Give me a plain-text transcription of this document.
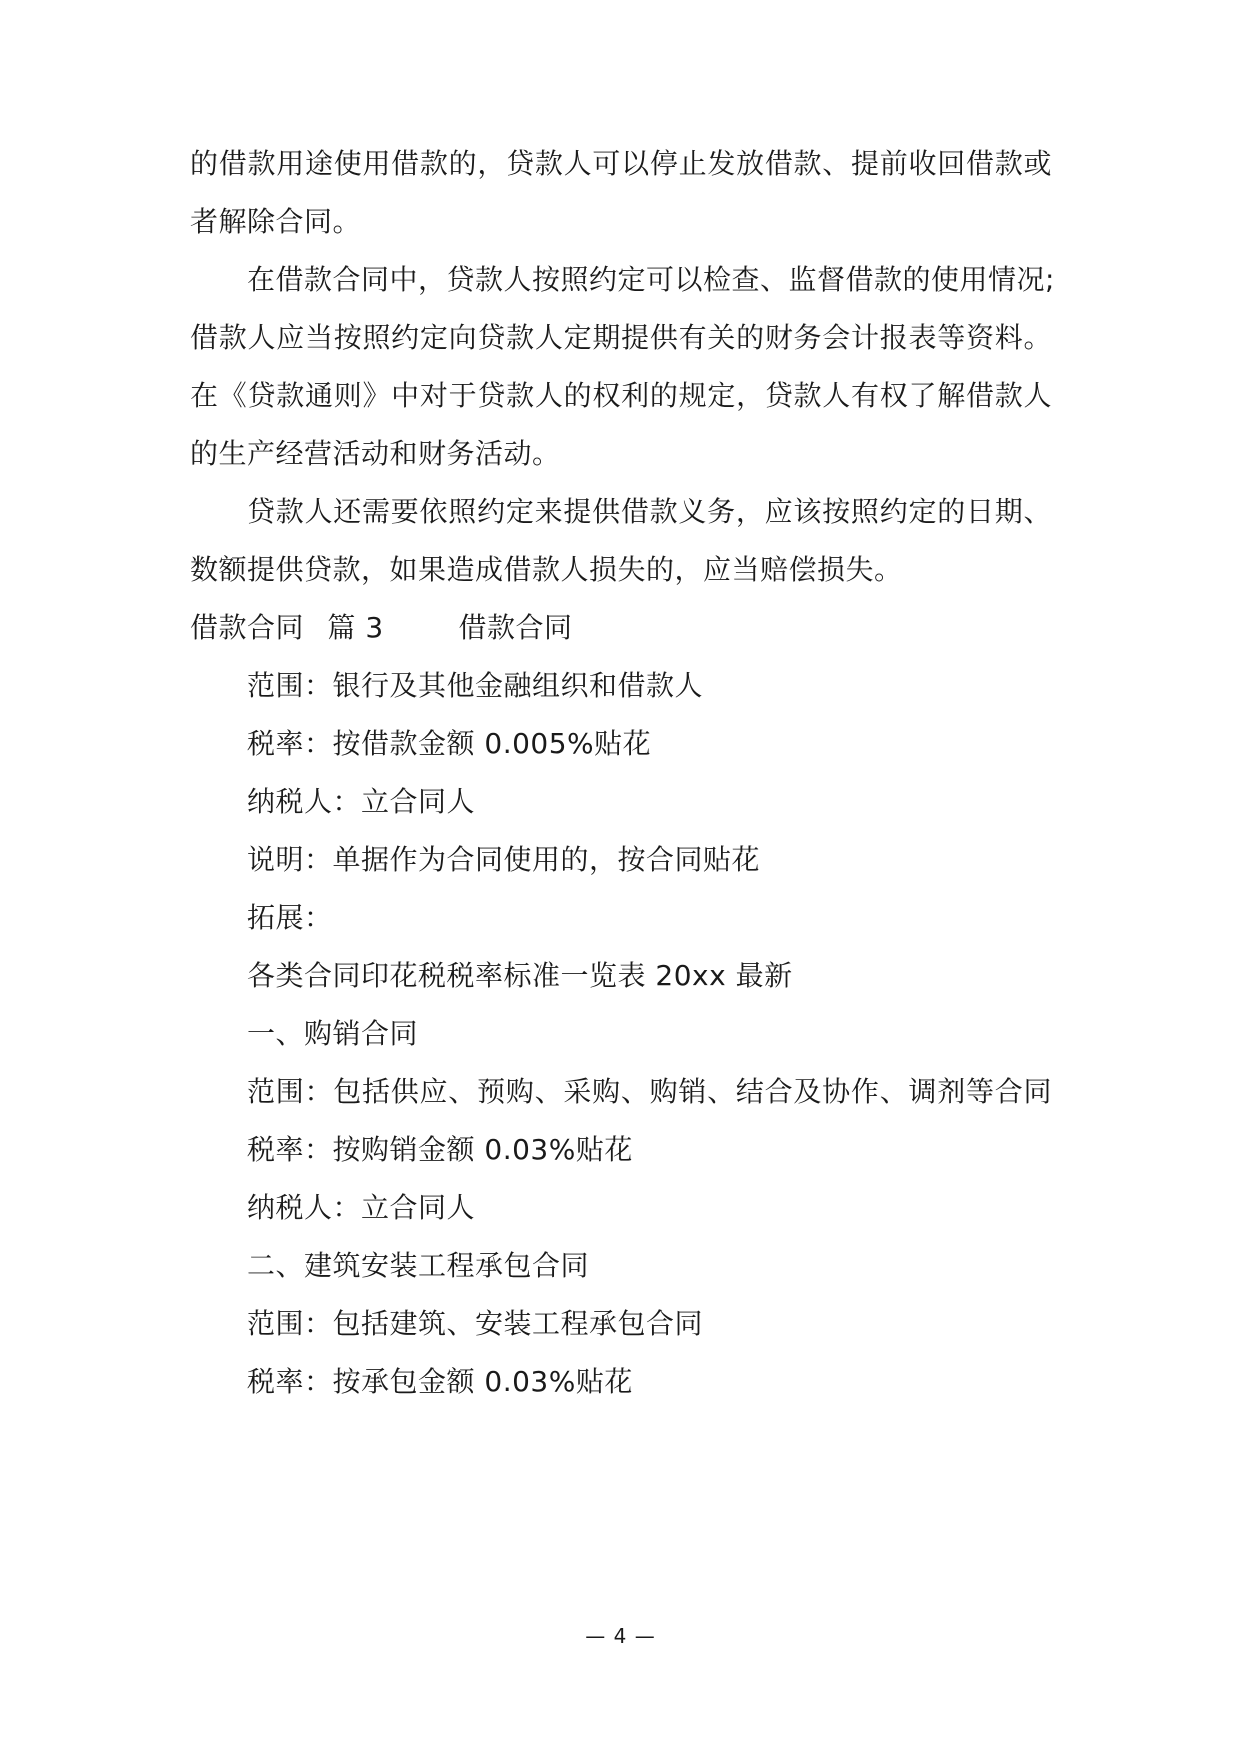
的借款用途使用借款的，贷款人可以停止发放借款、提前收回借款或
者解除合同。
在借款合同中，贷款人按照约定可以检查、监督借款的使用情况;
借款人应当按照约定向贷款人定期提供有关的财务会计报表等资料。
在《贷款通则》中对于贷款人的权利的规定，贷款人有权了解借款人
的生产经营活动和财务活动。
贷款人还需要依照约定来提供借款义务，应该按照约定的日期、
数额提供贷款，如果造成借款人损失的，应当赔偿损失。
借款合同 篇 3	借款合同
范围：银行及其他金融组织和借款人
税率：按借款金额 0.005%贴花
纳税人：立合同人
说明：单据作为合同使用的，按合同贴花
拓展：
各类合同印花税税率标准一览表 20xx 最新
一、购销合同
范围：包括供应、预购、采购、购销、结合及协作、调剂等合同
税率：按购销金额 0.03%贴花
纳税人：立合同人
二、建筑安装工程承包合同
范围：包括建筑、安装工程承包合同
税率：按承包金额 0.03%贴花
— 4 —
